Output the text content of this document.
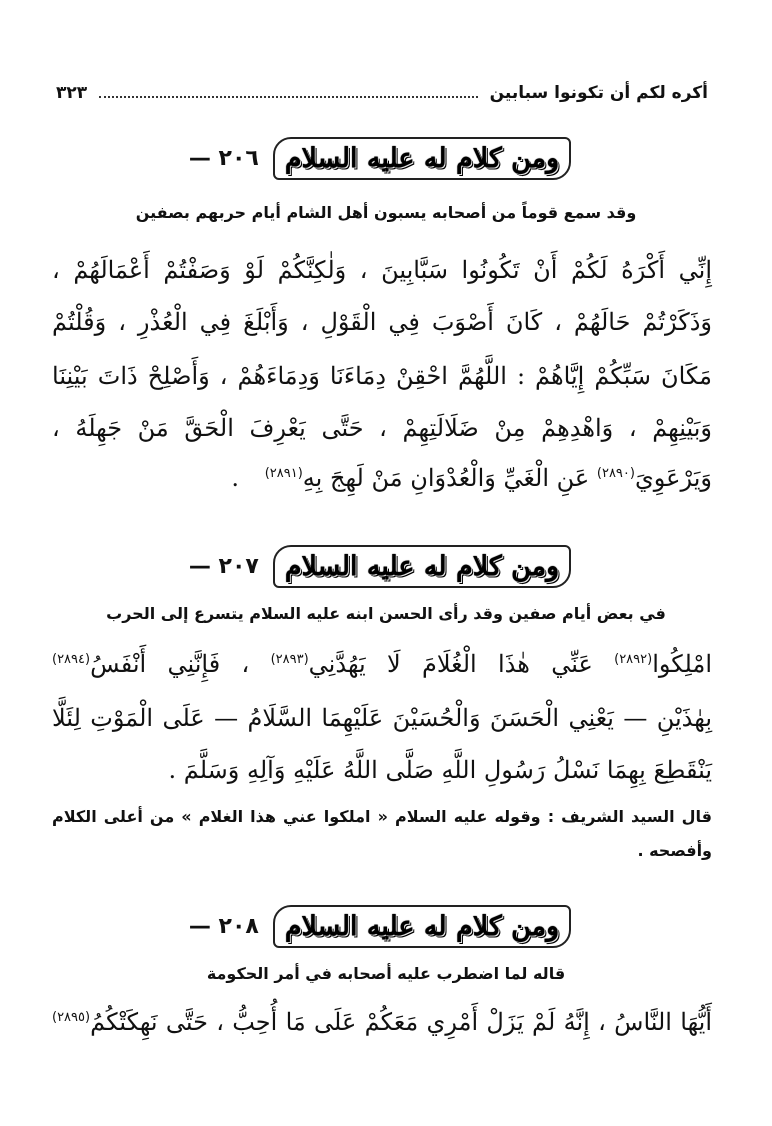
أكره لكم أن تكونوا سبابين
٣٢٣
ومن كلام له عليه السلام
٢٠٦ —
وقد سمع قوماً من أصحابه يسبون أهل الشام أيام حربهم بصفين
إِنِّي أَكْرَهُ لَكُمْ أَنْ تَكُونُوا سَبَّابِينَ ، وَلٰكِنَّكُمْ لَوْ وَصَفْتُمْ أَعْمَالَهُمْ ،
وَذَكَرْتُمْ حَالَهُمْ ، كَانَ أَصْوَبَ فِي الْقَوْلِ ، وَأَبْلَغَ فِي الْعُذْرِ ، وَقُلْتُمْ
مَكَانَ سَبِّكُمْ إِيَّاهُمْ : اللَّهُمَّ احْقِنْ دِمَاءَنَا وَدِمَاءَهُمْ ، وَأَصْلِحْ ذَاتَ بَيْنِنَا
وَبَيْنِهِمْ ، وَاهْدِهِمْ مِنْ ضَلَالَتِهِمْ ، حَتَّى يَعْرِفَ الْحَقَّ مَنْ جَهِلَهُ ،
وَيَرْعَوِيَ$^{(٢٨٩٠)}$ عَنِ الْغَيِّ وَالْعُدْوَانِ مَنْ لَهِجَ بِهِ$^{(٢٨٩١)}$ .
ومن كلام له عليه السلام
٢٠٧ —
في بعض أيام صفين وقد رأى الحسن ابنه عليه السلام يتسرع إلى الحرب
امْلِكُوا$^{(٢٨٩٢)}$ عَنِّي هٰذَا الْغُلَامَ لَا يَهُدَّنِي$^{(٢٨٩٣)}$ ، فَإِنَّنِي أَنْفَسُ$^{(٢٨٩٤)}$
بِهٰذَيْنِ — يَعْنِي الْحَسَنَ وَالْحُسَيْنَ عَلَيْهِمَا السَّلَامُ — عَلَى الْمَوْتِ لِئَلَّا
يَنْقَطِعَ بِهِمَا نَسْلُ رَسُولِ اللَّهِ صَلَّى اللَّهُ عَلَيْهِ وَآلِهِ وَسَلَّمَ .
قال السيد الشريف : وقوله عليه السلام « املكوا عني هذا الغلام » من أعلى الكلام وأفصحه .
ومن كلام له عليه السلام
٢٠٨ —
قاله لما اضطرب عليه أصحابه في أمر الحكومة
أَيُّهَا النَّاسُ ، إِنَّهُ لَمْ يَزَلْ أَمْرِي مَعَكُمْ عَلَى مَا أُحِبُّ ، حَتَّى نَهِكَتْكُمُ$^{(٢٨٩٥)}$
